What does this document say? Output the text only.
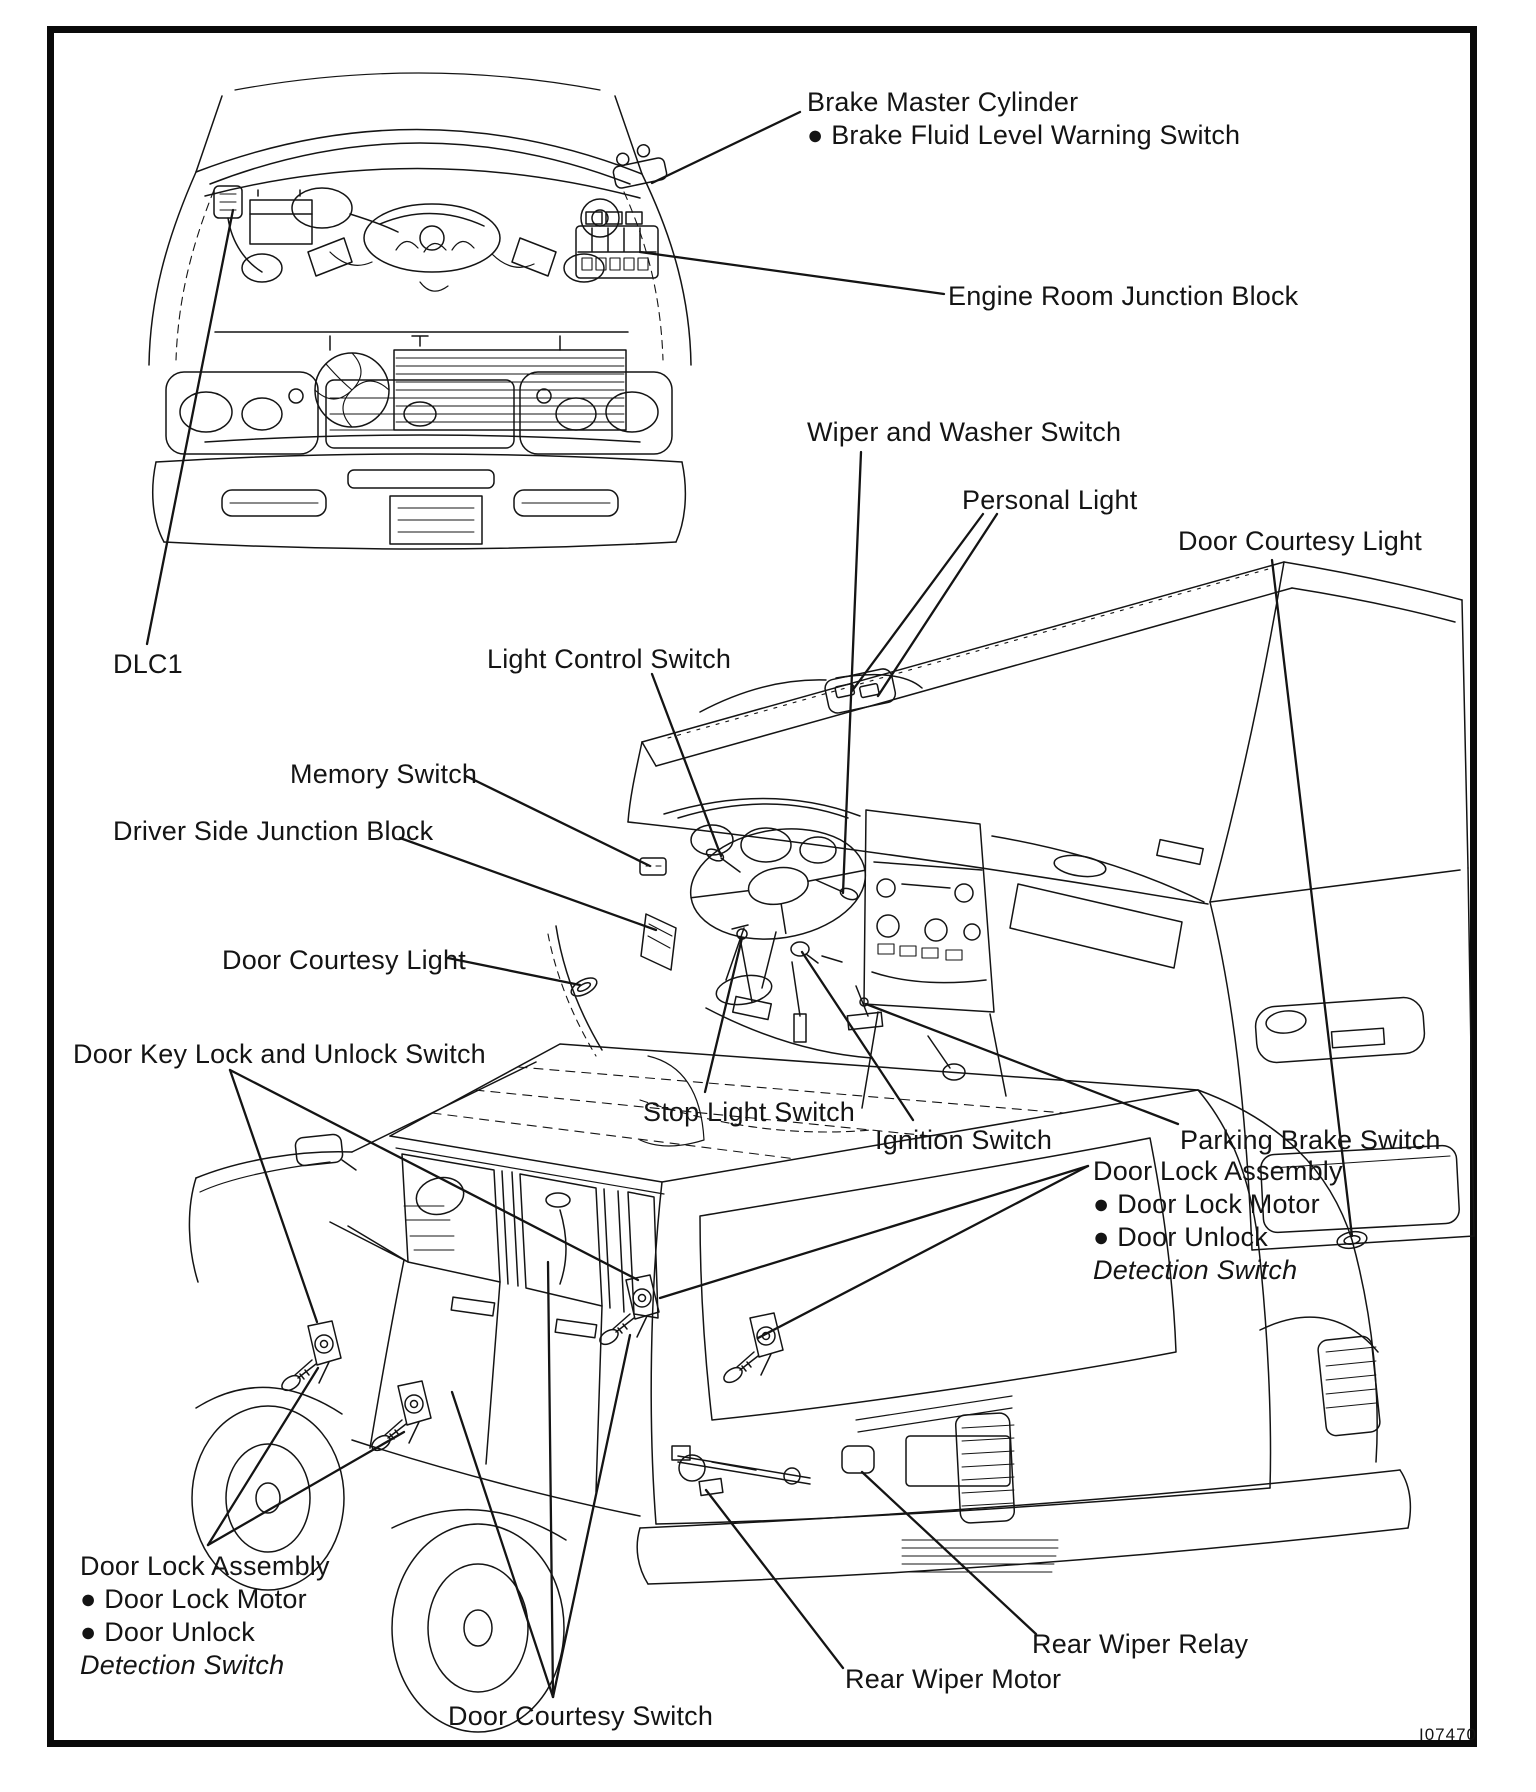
Brake Master Cylinder
● Brake Fluid Level Warning Switch
Engine Room Junction Block
Wiper and Washer Switch
Personal Light
Door Courtesy Light
Light Control Switch
DLC1
Memory Switch
Driver Side Junction Block
Door Courtesy Light
Door Key Lock and Unlock Switch
Stop Light Switch
Ignition Switch	Parking Brake Switch
Door Lock Assembly
● Door Lock Motor
● Door Unlock
Detection Switch
Door Lock Assembly
● Door Lock Motor
● Door Unlock
Detection Switch
Rear Wiper Relay
Rear Wiper Motor
Door Courtesy Switch
I07470
